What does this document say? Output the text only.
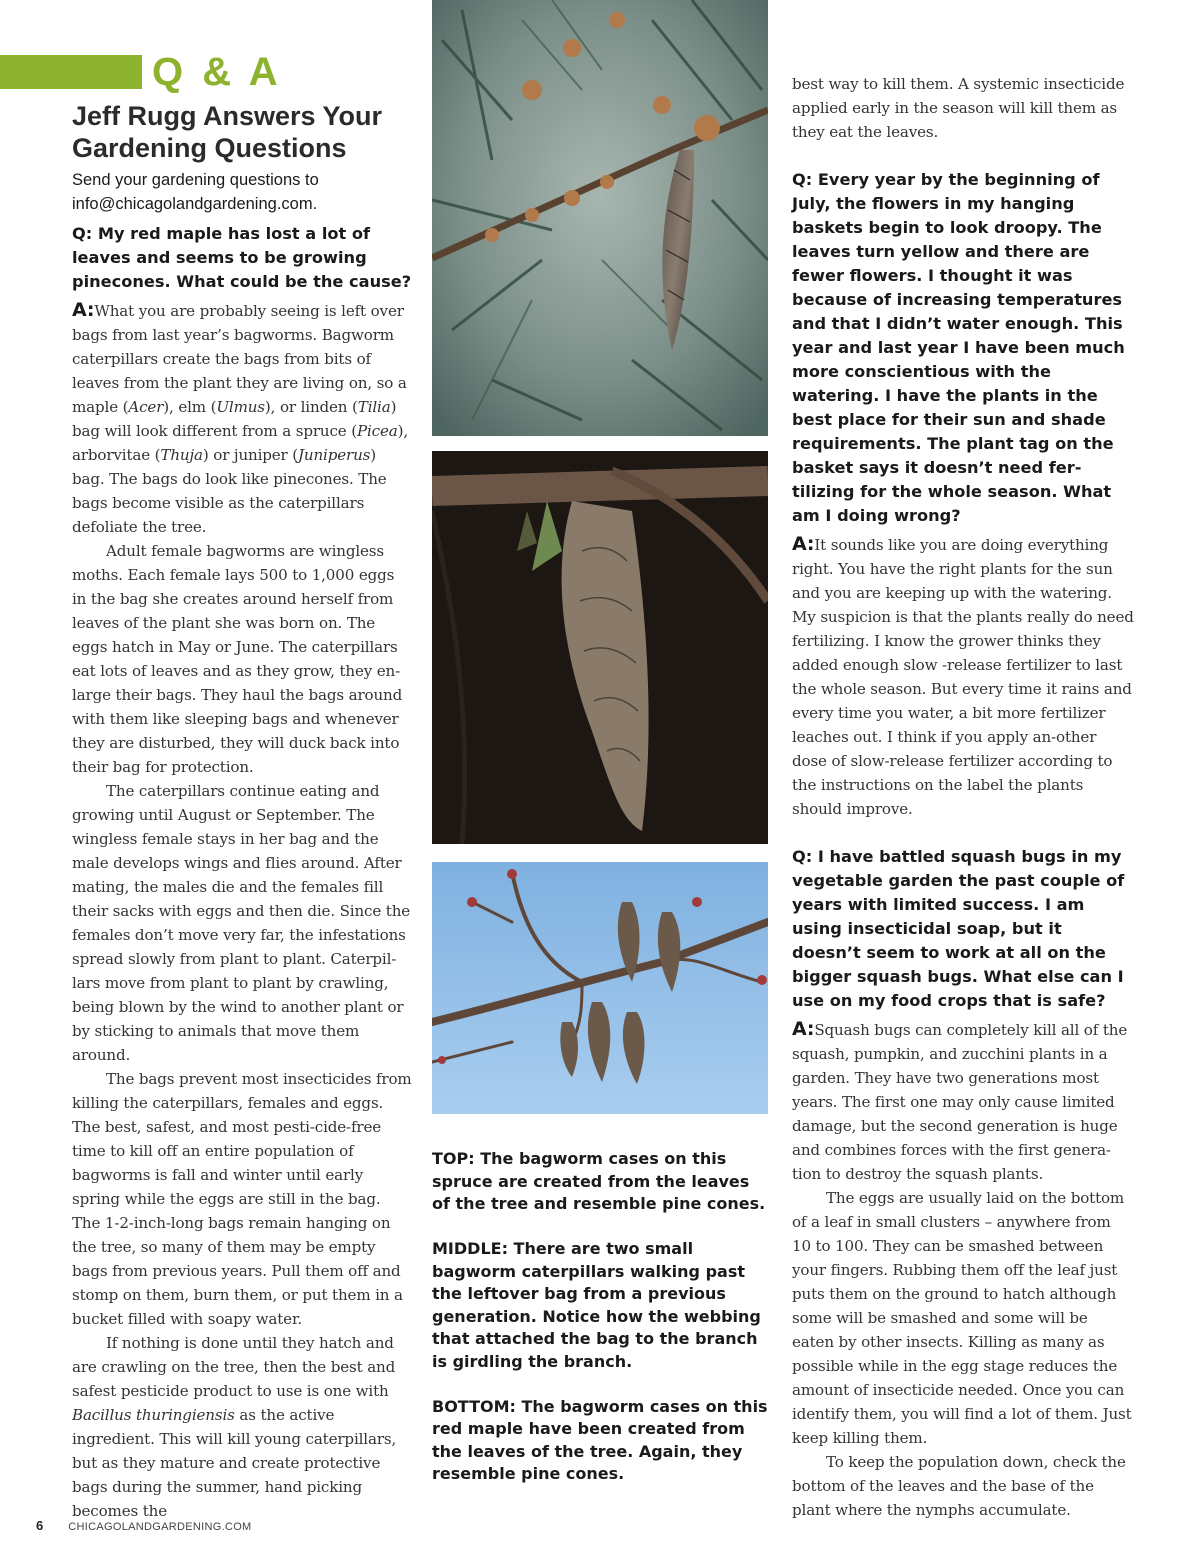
Q & A
Jeff Rugg Answers Your Gardening Questions
Send your gardening questions to
info@chicagolandgardening.com.

Q: My red maple has lost a lot of leaves and seems to be growing pinecones. What could be the cause?

A:What you are probably seeing is left over bags from last year’s bagworms. Bagworm caterpillars create the bags from bits of leaves from the plant they are living on, so a maple (Acer), elm (Ulmus), or linden (Tilia) bag will look different from a spruce (Picea), arborvitae (Thuja) or juniper (Juniperus) bag. The bags do look like pinecones. The bags become visible as the caterpillars defoliate the tree.

Adult female bagworms are wingless moths. Each female lays 500 to 1,000 eggs in the bag she creates around herself from leaves of the plant she was born on. The eggs hatch in May or June. The caterpillars eat lots of leaves and as they grow, they en-large their bags. They haul the bags around with them like sleeping bags and whenever they are disturbed, they will duck back into their bag for protection.

The caterpillars continue eating and growing until August or September. The wingless female stays in her bag and the male develops wings and flies around. After mating, the males die and the females fill their sacks with eggs and then die. Since the females don’t move very far, the infestations spread slowly from plant to plant. Caterpil-lars move from plant to plant by crawling, being blown by the wind to another plant or by sticking to animals that move them around.

The bags prevent most insecticides from killing the caterpillars, females and eggs. The best, safest, and most pesti-cide-free time to kill off an entire population of bagworms is fall and winter until early spring while the eggs are still in the bag. The 1-2-inch-long bags remain hanging on the tree, so many of them may be empty bags from previous years. Pull them off and stomp on them, burn them, or put them in a bucket filled with soapy water.

If nothing is done until they hatch and are crawling on the tree, then the best and safest pesticide product to use is one with Bacillus thuringiensis as the active ingredient. This will kill young caterpillars, but as they mature and create protective bags during the summer, hand picking becomes the

TOP: The bagworm cases on this spruce are created from the leaves of the tree and resemble pine cones.

MIDDLE: There are two small bagworm caterpillars walking past the leftover bag from a previous generation. Notice how the webbing that attached the bag to the branch is girdling the branch.

BOTTOM: The bagworm cases on this red maple have been created from the leaves of the tree. Again, they resemble pine cones.

best way to kill them. A systemic insecticide applied early in the season will kill them as they eat the leaves.

Q: Every year by the beginning of July, the flowers in my hanging baskets begin to look droopy. The leaves turn yellow and there are fewer flowers. I thought it was because of increasing temperatures and that I didn’t water enough. This year and last year I have been much more conscientious with the watering. I have the plants in the best place for their sun and shade requirements. The plant tag on the basket says it doesn’t need fer-tilizing for the whole season. What am I doing wrong?

A:It sounds like you are doing everything right. You have the right plants for the sun and you are keeping up with the watering. My suspicion is that the plants really do need fertilizing. I know the grower thinks they added enough slow -release fertilizer to last the whole season. But every time it rains and every time you water, a bit more fertilizer leaches out. I think if you apply an-other dose of slow-release fertilizer according to the instructions on the label the plants should improve.

Q: I have battled squash bugs in my vegetable garden the past couple of years with limited success. I am using insecticidal soap, but it doesn’t seem to work at all on the bigger squash bugs. What else can I use on my food crops that is safe?

A:Squash bugs can completely kill all of the squash, pumpkin, and zucchini plants in a garden. They have two generations most years. The first one may only cause limited damage, but the second generation is huge and combines forces with the first genera-tion to destroy the squash plants.

The eggs are usually laid on the bottom of a leaf in small clusters – anywhere from 10 to 100. They can be smashed between your fingers. Rubbing them off the leaf just puts them on the ground to hatch although some will be smashed and some will be eaten by other insects. Killing as many as possible while in the egg stage reduces the amount of insecticide needed. Once you can identify them, you will find a lot of them. Just keep killing them.

To keep the population down, check the bottom of the leaves and the base of the plant where the nymphs accumulate.

6 CHICAGOLANDGARDENING.COM
